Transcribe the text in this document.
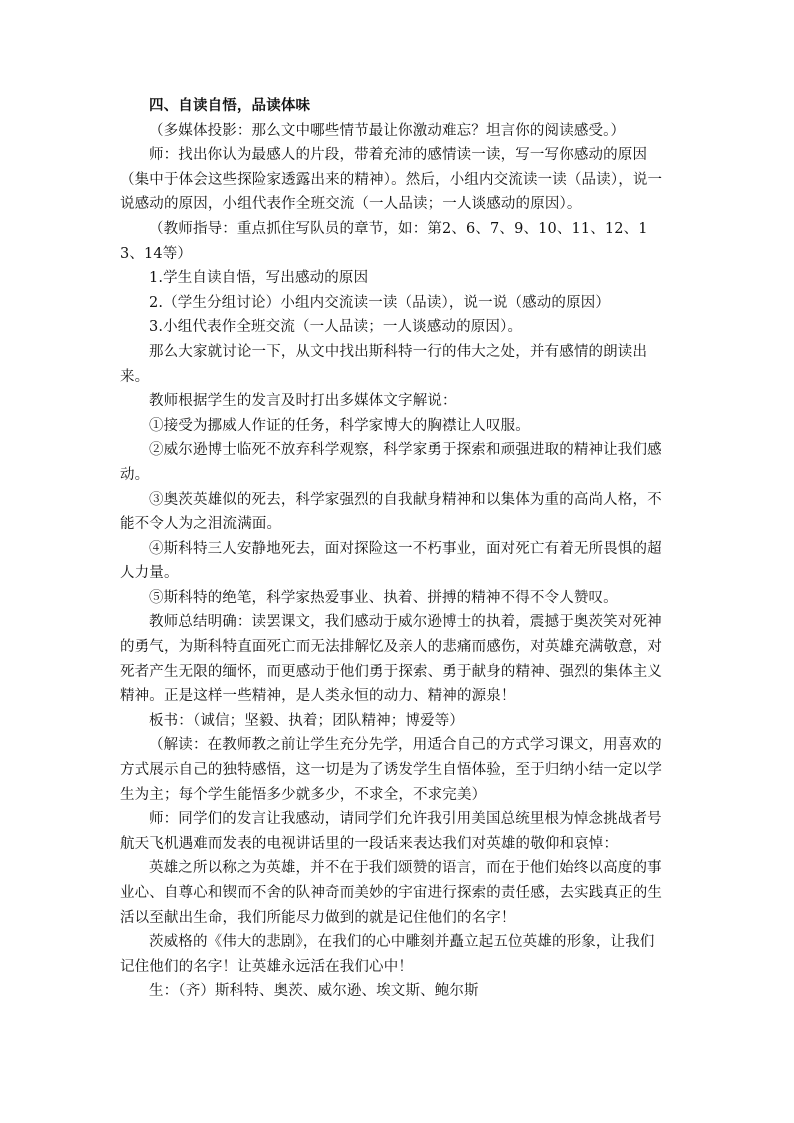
四、自读自悟，品读体味

（多媒体投影：那么文中哪些情节最让你激动难忘？坦言你的阅读感受。）

师：找出你认为最感人的片段，带着充沛的感情读一读，写一写你感动的原因（集中于体会这些探险家透露出来的精神）。然后，小组内交流读一读（品读），说一说感动的原因，小组代表作全班交流（一人品读；一人谈感动的原因）。

（教师指导：重点抓住写队员的章节，如：第2、6、7、9、10、11、12、13、14等）

1.学生自读自悟，写出感动的原因

2.（学生分组讨论）小组内交流读一读（品读），说一说（感动的原因）

3.小组代表作全班交流（一人品读；一人谈感动的原因）。

那么大家就讨论一下，从文中找出斯科特一行的伟大之处，并有感情的朗读出来。

教师根据学生的发言及时打出多媒体文字解说：

①接受为挪威人作证的任务，科学家博大的胸襟让人叹服。

②威尔逊博士临死不放弃科学观察，科学家勇于探索和顽强进取的精神让我们感动。

③奥茨英雄似的死去，科学家强烈的自我献身精神和以集体为重的高尚人格，不能不令人为之泪流满面。

④斯科特三人安静地死去，面对探险这一不朽事业，面对死亡有着无所畏惧的超人力量。

⑤斯科特的绝笔，科学家热爱事业、执着、拼搏的精神不得不令人赞叹。

教师总结明确：读罢课文，我们感动于威尔逊博士的执着，震撼于奥茨笑对死神的勇气，为斯科特直面死亡而无法排解忆及亲人的悲痛而感伤，对英雄充满敬意，对死者产生无限的缅怀，而更感动于他们勇于探索、勇于献身的精神、强烈的集体主义精神。正是这样一些精神，是人类永恒的动力、精神的源泉！

板书：（诚信；坚毅、执着；团队精神；博爱等）

（解读：在教师教之前让学生充分先学，用适合自己的方式学习课文，用喜欢的方式展示自己的独特感悟，这一切是为了诱发学生自悟体验，至于归纳小结一定以学生为主；每个学生能悟多少就多少，不求全，不求完美）

师：同学们的发言让我感动，请同学们允许我引用美国总统里根为悼念挑战者号航天飞机遇难而发表的电视讲话里的一段话来表达我们对英雄的敬仰和哀悼：

英雄之所以称之为英雄，并不在于我们颂赞的语言，而在于他们始终以高度的事业心、自尊心和锲而不舍的队神奇而美妙的宇宙进行探索的责任感，去实践真正的生活以至献出生命，我们所能尽力做到的就是记住他们的名字！

茨威格的《伟大的悲剧》，在我们的心中雕刻并矗立起五位英雄的形象，让我们记住他们的名字！让英雄永远活在我们心中！

生：（齐）斯科特、奥茨、威尔逊、埃文斯、鲍尔斯
